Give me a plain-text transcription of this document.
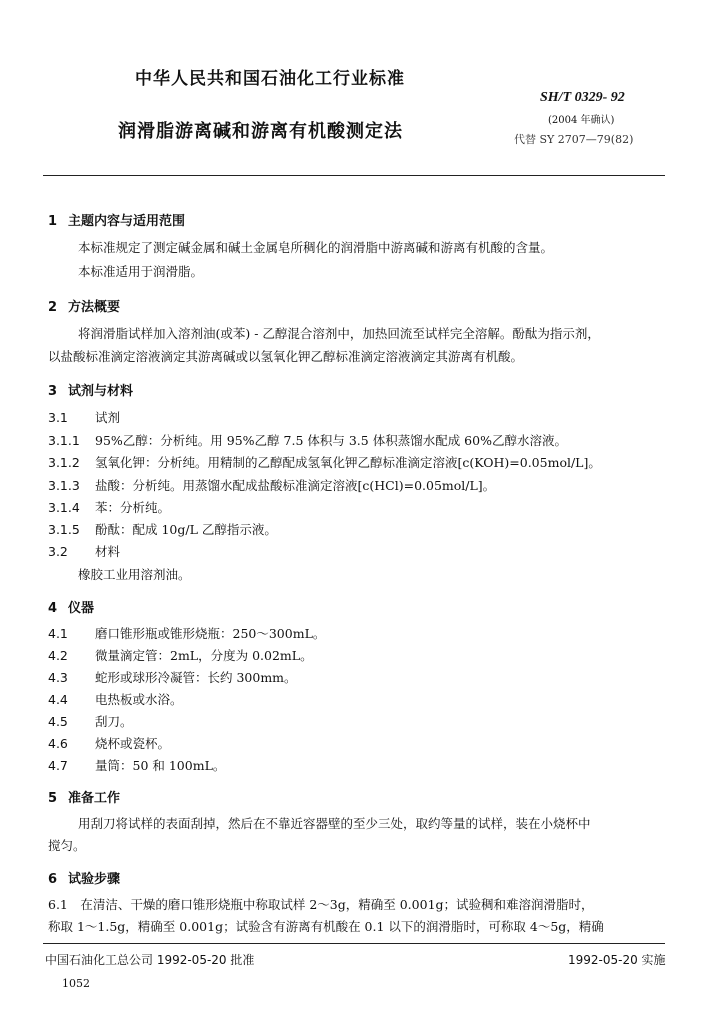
中华人民共和国石油化工行业标准
SH/T 0329- 92
(2004 年确认)
润滑脂游离碱和游离有机酸测定法	代替 SY 2707—79(82)
1 主题内容与适用范围
本标准规定了测定碱金属和碱土金属皂所稠化的润滑脂中游离碱和游离有机酸的含量。
本标准适用于润滑脂。
2 方法概要
将润滑脂试样加入溶剂油(或苯) - 乙醇混合溶剂中，加热回流至试样完全溶解。酚酞为指示剂，
以盐酸标准滴定溶液滴定其游离碱或以氢氧化钾乙醇标准滴定溶液滴定其游离有机酸。
3 试剂与材料
3.1 试剂
3.1.1 95%乙醇：分析纯。用 95%乙醇 7.5 体积与 3.5 体积蒸馏水配成 60%乙醇水溶液。
3.1.2 氢氧化钾：分析纯。用精制的乙醇配成氢氧化钾乙醇标准滴定溶液[c(KOH)=0.05mol/L]。
3.1.3 盐酸：分析纯。用蒸馏水配成盐酸标准滴定溶液[c(HCl)=0.05mol/L]。
3.1.4 苯：分析纯。
3.1.5 酚酞：配成 10g/L 乙醇指示液。
3.2 材料
橡胶工业用溶剂油。
4 仪器
4.1 磨口锥形瓶或锥形烧瓶：250～300mL。
4.2 微量滴定管：2mL，分度为 0.02mL。
4.3 蛇形或球形冷凝管：长约 300mm。
4.4 电热板或水浴。
4.5 刮刀。
4.6 烧杯或瓷杯。
4.7 量筒：50 和 100mL。
5 准备工作
用刮刀将试样的表面刮掉，然后在不靠近容器壁的至少三处，取约等量的试样，装在小烧杯中
搅匀。
6 试验步骤
6.1　在清洁、干燥的磨口锥形烧瓶中称取试样 2～3g，精确至 0.001g；试验稠和难溶润滑脂时，
称取 1～1.5g，精确至 0.001g；试验含有游离有机酸在 0.1 以下的润滑脂时，可称取 4～5g，精确
中国石油化工总公司 1992-05-20 批准	1992-05-20 实施
1052
